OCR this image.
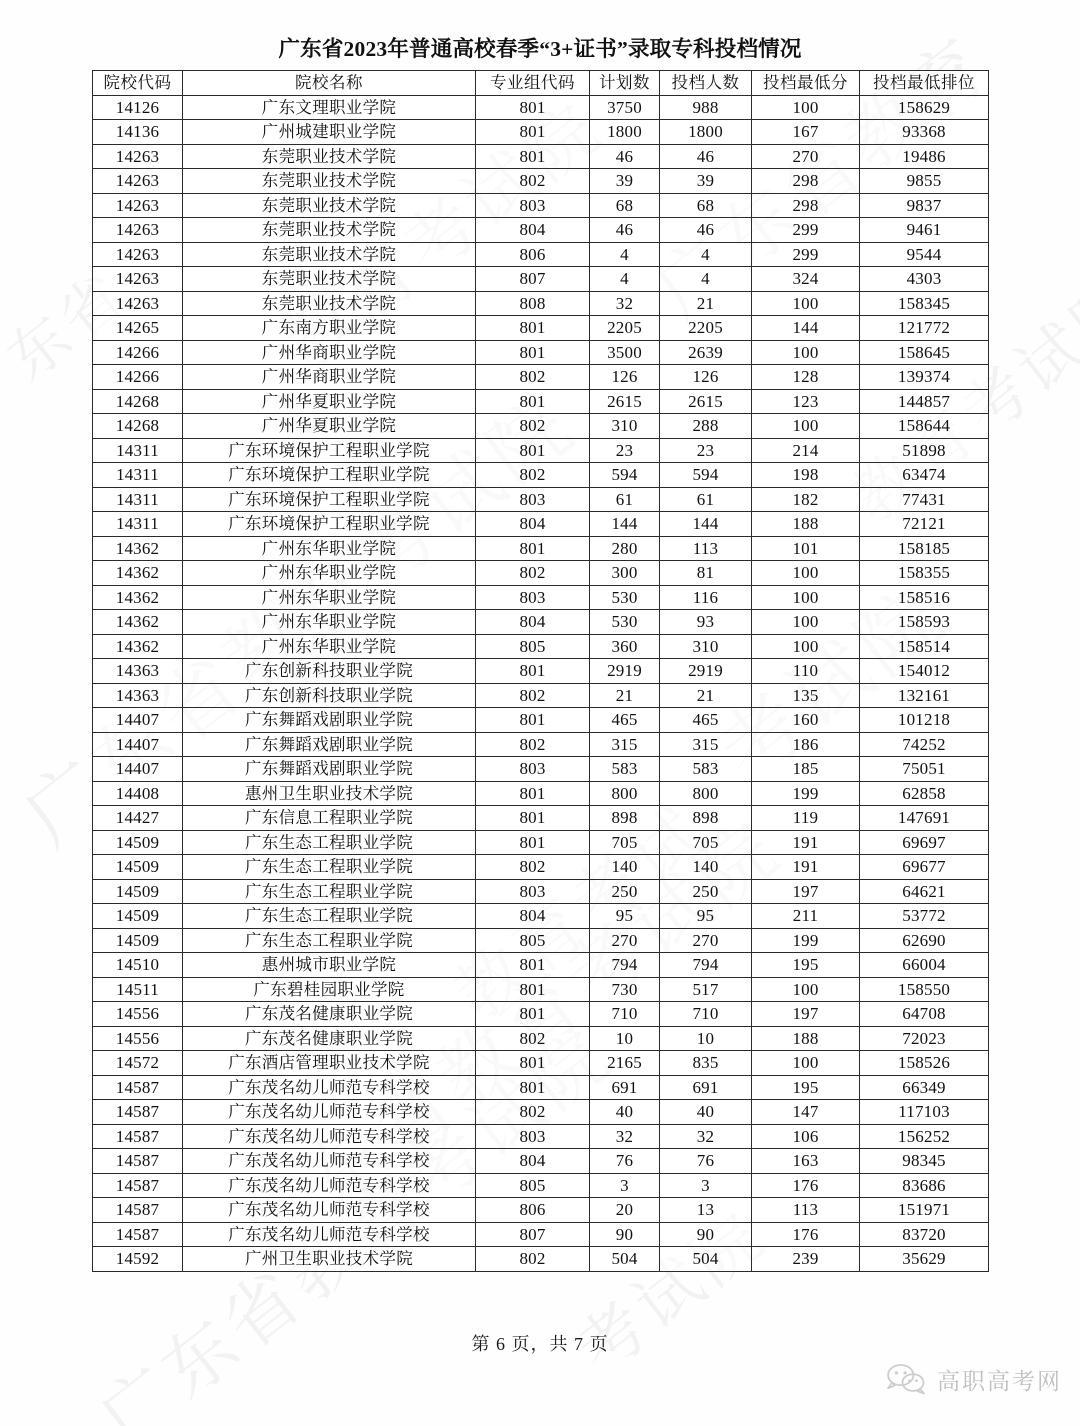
广东省2023年普通高校春季“3+证书”录取专科投档情况
院校代码	院校名称	专业组代码	计划数	投档人数	投档最低分	投档最低排位
14126	广东文理职业学院	801	3750	988	100	158629
14136	广州城建职业学院	801	1800	1800	167	93368
14263	东莞职业技术学院	801	46	46	270	19486
14263	东莞职业技术学院	802	39	39	298	9855
14263	东莞职业技术学院	803	68	68	298	9837
14263	东莞职业技术学院	804	46	46	299	9461
14263	东莞职业技术学院	806	4	4	299	9544
14263	东莞职业技术学院	807	4	4	324	4303
14263	东莞职业技术学院	808	32	21	100	158345
14265	广东南方职业学院	801	2205	2205	144	121772
14266	广州华商职业学院	801	3500	2639	100	158645
14266	广州华商职业学院	802	126	126	128	139374
14268	广州华夏职业学院	801	2615	2615	123	144857
14268	广州华夏职业学院	802	310	288	100	158644
14311	广东环境保护工程职业学院	801	23	23	214	51898
14311	广东环境保护工程职业学院	802	594	594	198	63474
14311	广东环境保护工程职业学院	803	61	61	182	77431
14311	广东环境保护工程职业学院	804	144	144	188	72121
14362	广州东华职业学院	801	280	113	101	158185
14362	广州东华职业学院	802	300	81	100	158355
14362	广州东华职业学院	803	530	116	100	158516
14362	广州东华职业学院	804	530	93	100	158593
14362	广州东华职业学院	805	360	310	100	158514
14363	广东创新科技职业学院	801	2919	2919	110	154012
14363	广东创新科技职业学院	802	21	21	135	132161
14407	广东舞蹈戏剧职业学院	801	465	465	160	101218
14407	广东舞蹈戏剧职业学院	802	315	315	186	74252
14407	广东舞蹈戏剧职业学院	803	583	583	185	75051
14408	惠州卫生职业技术学院	801	800	800	199	62858
14427	广东信息工程职业学院	801	898	898	119	147691
14509	广东生态工程职业学院	801	705	705	191	69697
14509	广东生态工程职业学院	802	140	140	191	69677
14509	广东生态工程职业学院	803	250	250	197	64621
14509	广东生态工程职业学院	804	95	95	211	53772
14509	广东生态工程职业学院	805	270	270	199	62690
14510	惠州城市职业学院	801	794	794	195	66004
14511	广东碧桂园职业学院	801	730	517	100	158550
14556	广东茂名健康职业学院	801	710	710	197	64708
14556	广东茂名健康职业学院	802	10	10	188	72023
14572	广东酒店管理职业技术学院	801	2165	835	100	158526
14587	广东茂名幼儿师范专科学校	801	691	691	195	66349
14587	广东茂名幼儿师范专科学校	802	40	40	147	117103
14587	广东茂名幼儿师范专科学校	803	32	32	106	156252
14587	广东茂名幼儿师范专科学校	804	76	76	163	98345
14587	广东茂名幼儿师范专科学校	805	3	3	176	83686
14587	广东茂名幼儿师范专科学校	806	20	13	113	151971
14587	广东茂名幼儿师范专科学校	807	90	90	176	83720
14592	广州卫生职业技术学院	802	504	504	239	35629
第 6 页，共 7 页
高职高考网
